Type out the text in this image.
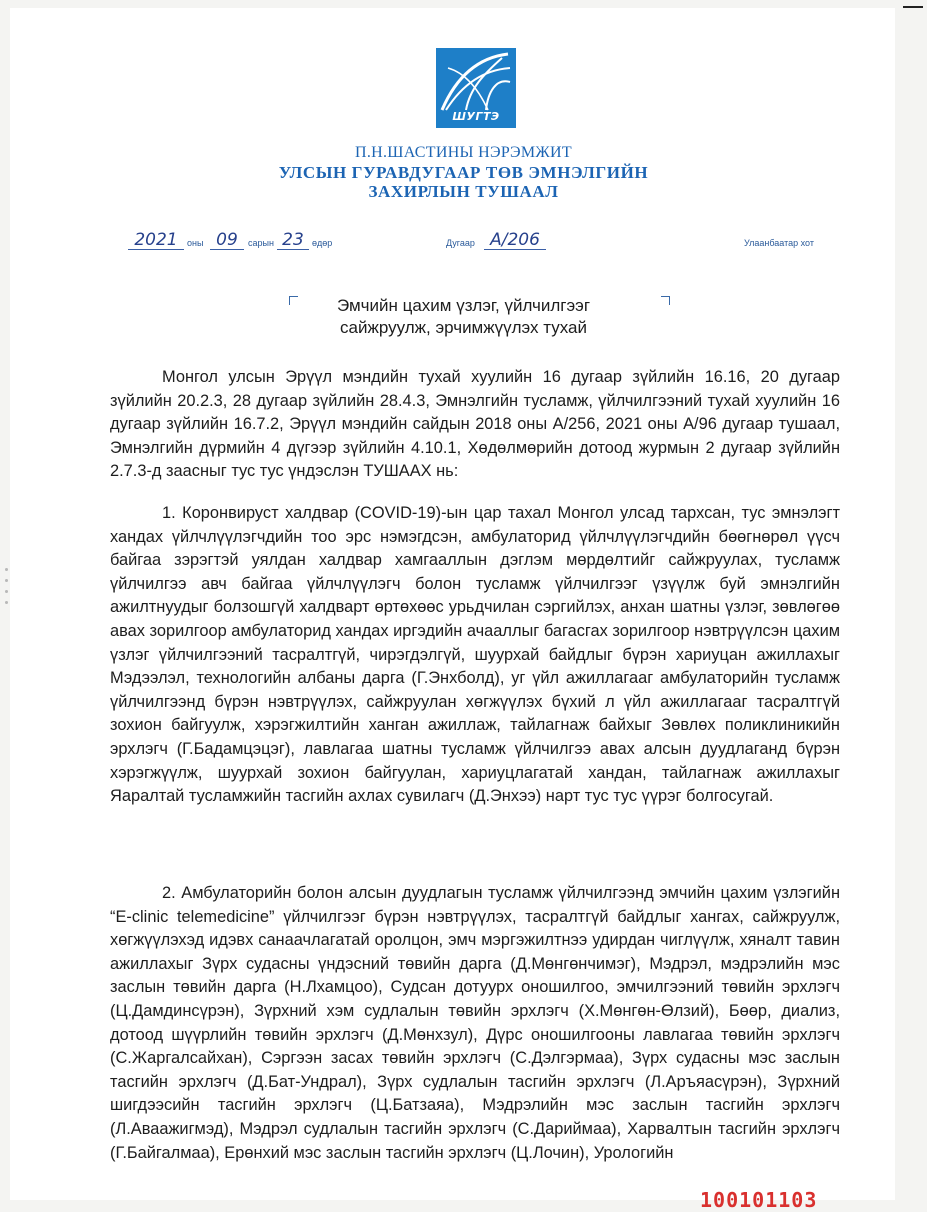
ШУГТЭ
П.Н.ШАСТИНЫ НЭРЭМЖИТ
УЛСЫН ГУРАВДУГААР ТӨВ ЭМНЭЛГИЙН
ЗАХИРЛЫН ТУШААЛ
2021	оны 09	сарын 23 өдөр	Дугаар А/206	Улаанбаатар хот
Эмчийн цахим үзлэг, үйлчилгээг
сайжруулж, эрчимжүүлэх тухай
Монгол улсын Эрүүл мэндийн тухай хуулийн 16 дугаар зүйлийн 16.16, 20 дугаар зүйлийн 20.2.3, 28 дугаар зүйлийн 28.4.3, Эмнэлгийн тусламж, үйлчилгээний тухай хуулийн 16 дугаар зүйлийн 16.7.2, Эрүүл мэндийн сайдын 2018 оны А/256, 2021 оны А/96 дугаар тушаал, Эмнэлгийн дүрмийн 4 дүгээр зүйлийн 4.10.1, Хөдөлмөрийн дотоод журмын 2 дугаар зүйлийн 2.7.3-д заасныг тус тус үндэслэн ТУШААХ нь:
1. Коронвируст халдвар (COVID-19)-ын цар тахал Монгол улсад тархсан, тус эмнэлэгт хандах үйлчлүүлэгчдийн тоо эрс нэмэгдсэн, амбулаторид үйлчлүүлэгчдийн бөөгнөрөл үүсч байгаа зэрэгтэй уялдан халдвар хамгааллын дэглэм мөрдөлтийг сайжруулах, тусламж үйлчилгээ авч байгаа үйлчлүүлэгч болон тусламж үйлчилгээг үзүүлж буй эмнэлгийн ажилтнуудыг болзошгүй халдварт өртөхөөс урьдчилан сэргийлэх, анхан шатны үзлэг, зөвлөгөө авах зорилгоор амбулаторид хандах иргэдийн ачааллыг багасгах зорилгоор нэвтрүүлсэн цахим үзлэг үйлчилгээний тасралтгүй, чирэгдэлгүй, шуурхай байдлыг бүрэн хариуцан ажиллахыг Мэдээлэл, технологийн албаны дарга (Г.Энхболд), уг үйл ажиллагааг амбулаторийн тусламж үйлчилгээнд бүрэн нэвтрүүлэх, сайжруулан хөгжүүлэх бүхий л үйл ажиллагааг тасралтгүй зохион байгуулж, хэрэгжилтийн ханган ажиллаж, тайлагнаж байхыг Зөвлөх поликлиникийн эрхлэгч (Г.Бадамцэцэг), лавлагаа шатны тусламж үйлчилгээ авах алсын дуудлаганд бүрэн хэрэгжүүлж, шуурхай зохион байгуулан, хариуцлагатай хандан, тайлагнаж ажиллахыг Яаралтай тусламжийн тасгийн ахлах сувилагч (Д.Энхээ) нарт тус тус үүрэг болгосугай.
2. Амбулаторийн болон алсын дуудлагын тусламж үйлчилгээнд эмчийн цахим үзлэгийн “E-clinic telemedicine” үйлчилгээг бүрэн нэвтрүүлэх, тасралтгүй байдлыг хангах, сайжруулж, хөгжүүлэхэд идэвх санаачлагатай оролцон, эмч мэргэжилтнээ удирдан чиглүүлж, хяналт тавин ажиллахыг Зүрх судасны үндэсний төвийн дарга (Д.Мөнгөнчимэг), Мэдрэл, мэдрэлийн мэс заслын төвийн дарга (Н.Лхамцоо), Судсан дотуурх оношилгоо, эмчилгээний төвийн эрхлэгч (Ц.Дамдинсүрэн), Зүрхний хэм судлалын төвийн эрхлэгч (Х.Мөнгөн-Өлзий), Бөөр, диализ, дотоод шүүрлийн төвийн эрхлэгч (Д.Мөнхзул), Дүрс оношилгооны лавлагаа төвийн эрхлэгч (С.Жаргалсайхан), Сэргээн засах төвийн эрхлэгч (С.Дэлгэрмаа), Зүрх судасны мэс заслын тасгийн эрхлэгч (Д.Бат-Ундрал), Зүрх судлалын тасгийн эрхлэгч (Л.Аръяасүрэн), Зүрхний шигдээсийн тасгийн эрхлэгч (Ц.Батзаяа), Мэдрэлийн мэс заслын тасгийн эрхлэгч (Л.Аваажигмэд), Мэдрэл судлалын тасгийн эрхлэгч (С.Дариймаа), Харвалтын тасгийн эрхлэгч (Г.Байгалмаа), Ерөнхий мэс заслын тасгийн эрхлэгч (Ц.Лочин), Урологийн
100101103
